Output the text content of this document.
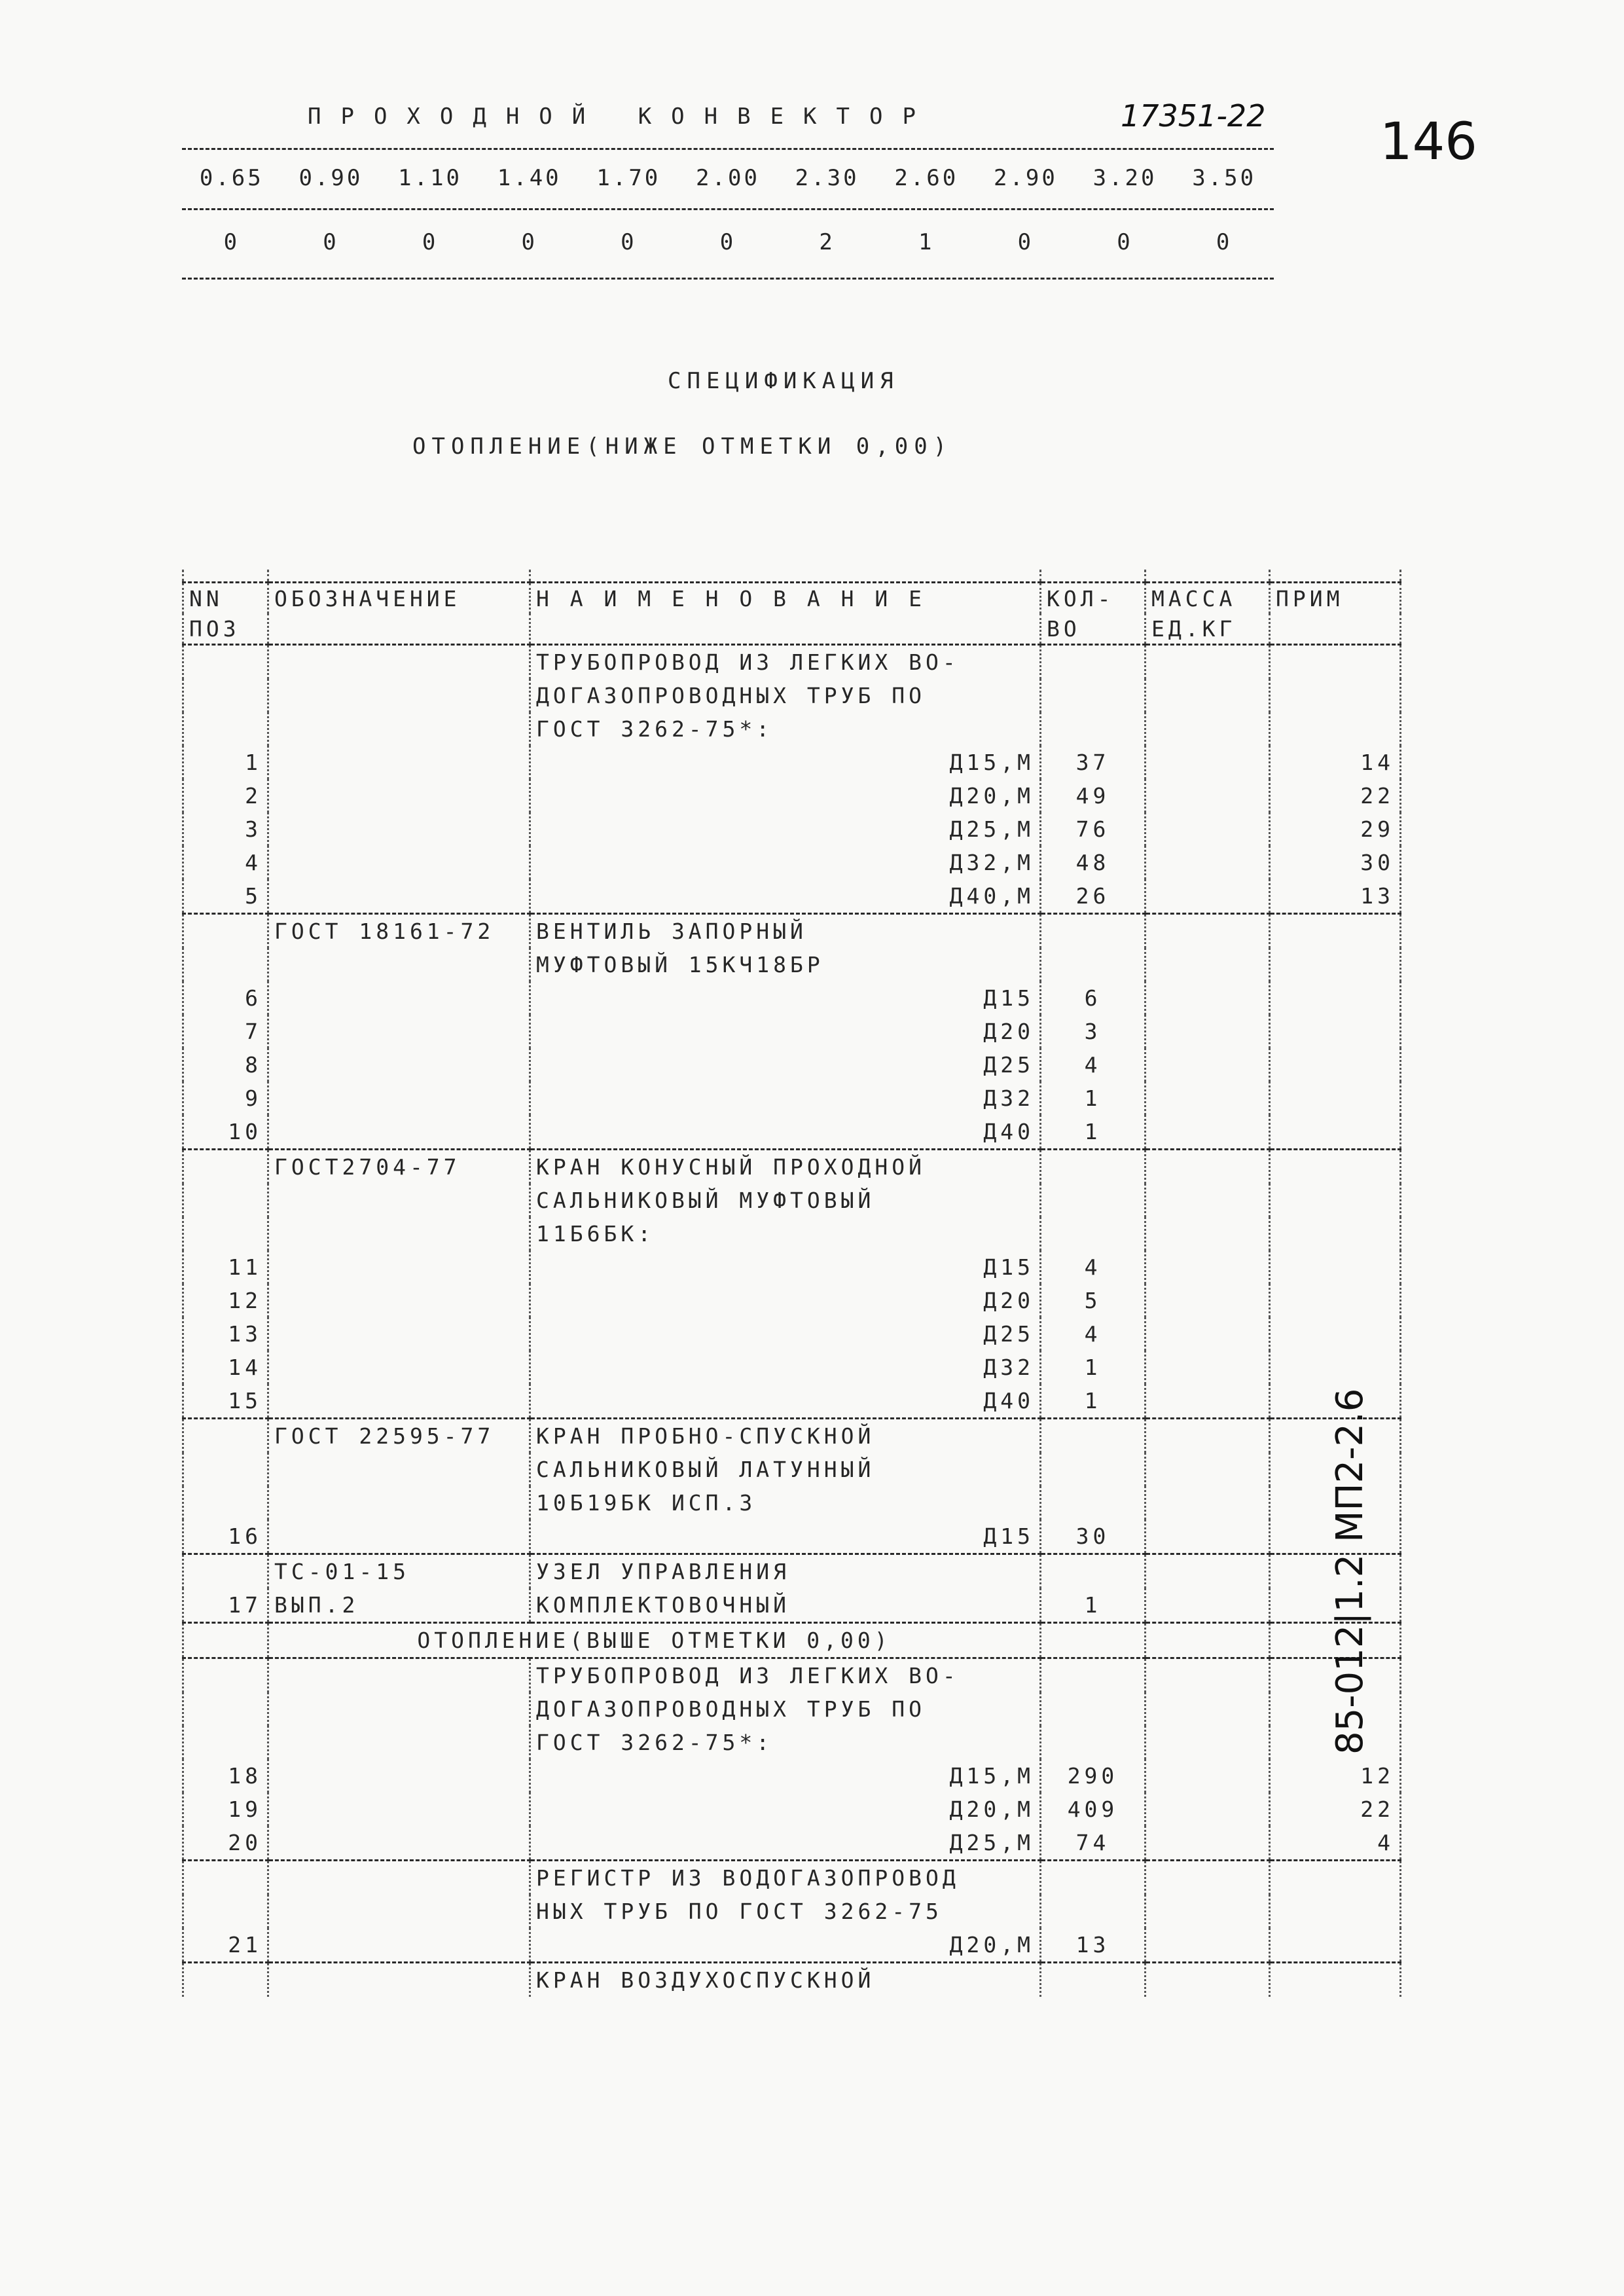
ПРОХОДНОЙ КОНВЕКТОР	17351-22 146
0.65	0.90	1.10	1.40	1.70	2.00	2.30	2.60	2.90	3.20	3.50
0	0	0	0	0	0	2	1	0	0	0
СПЕЦИФИКАЦИЯ
ОТОПЛЕНИЕ(НИЖЕ ОТМЕТКИ 0,00)

NN	ОБОЗНАЧЕНИЕ	Н А И М Е Н О В А Н И Е	КОЛ-	МАССА	ПРИМ
ПОЗ			ВО	ЕД.КГ	
		ТРУБОПРОВОД ИЗ ЛЕГКИХ ВО-			
		ДОГАЗОПРОВОДНЫХ ТРУБ ПО			
		ГОСТ 3262-75*:			
1		Д15,М	37		14
2		Д20,М	49		22
3		Д25,М	76		29
4		Д32,М	48		30
5		Д40,М	26		13
	ГОСТ 18161-72	ВЕНТИЛЬ ЗАПОРНЫЙ			
		МУФТОВЫЙ 15КЧ18БР			
6		Д15	6		
7		Д20	3		
8		Д25	4		
9		Д32	1		
10		Д40	1		
	ГОСТ2704-77	КРАН КОНУСНЫЙ ПРОХОДНОЙ			
		САЛЬНИКОВЫЙ МУФТОВЫЙ			
		11Б6БК:			
11		Д15	4		
12		Д20	5		
13		Д25	4		
14		Д32	1		
15		Д40	1		
	ГОСТ 22595-77	КРАН ПРОБНО-СПУСКНОЙ			
		САЛЬНИКОВЫЙ ЛАТУННЫЙ			
		10Б19БК ИСП.3			
16		Д15	30		
	ТС-01-15	УЗЕЛ УПРАВЛЕНИЯ			
17	ВЫП.2	КОМПЛЕКТОВОЧНЫЙ	1		
	ОТОПЛЕНИЕ(ВЫШЕ ОТМЕТКИ 0,00)				
		ТРУБОПРОВОД ИЗ ЛЕГКИХ ВО-			
		ДОГАЗОПРОВОДНЫХ ТРУБ ПО			
		ГОСТ 3262-75*:			
18		Д15,М	290		12
19		Д20,М	409		22
20		Д25,М	74		4
		РЕГИСТР ИЗ ВОДОГАЗОПРОВОД			
		НЫХ ТРУБ ПО ГОСТ 3262-75			
21		Д20,М	13		
		КРАН ВОЗДУХОСПУСКНОЙ			
85-012|1.2 МП2-2.6
